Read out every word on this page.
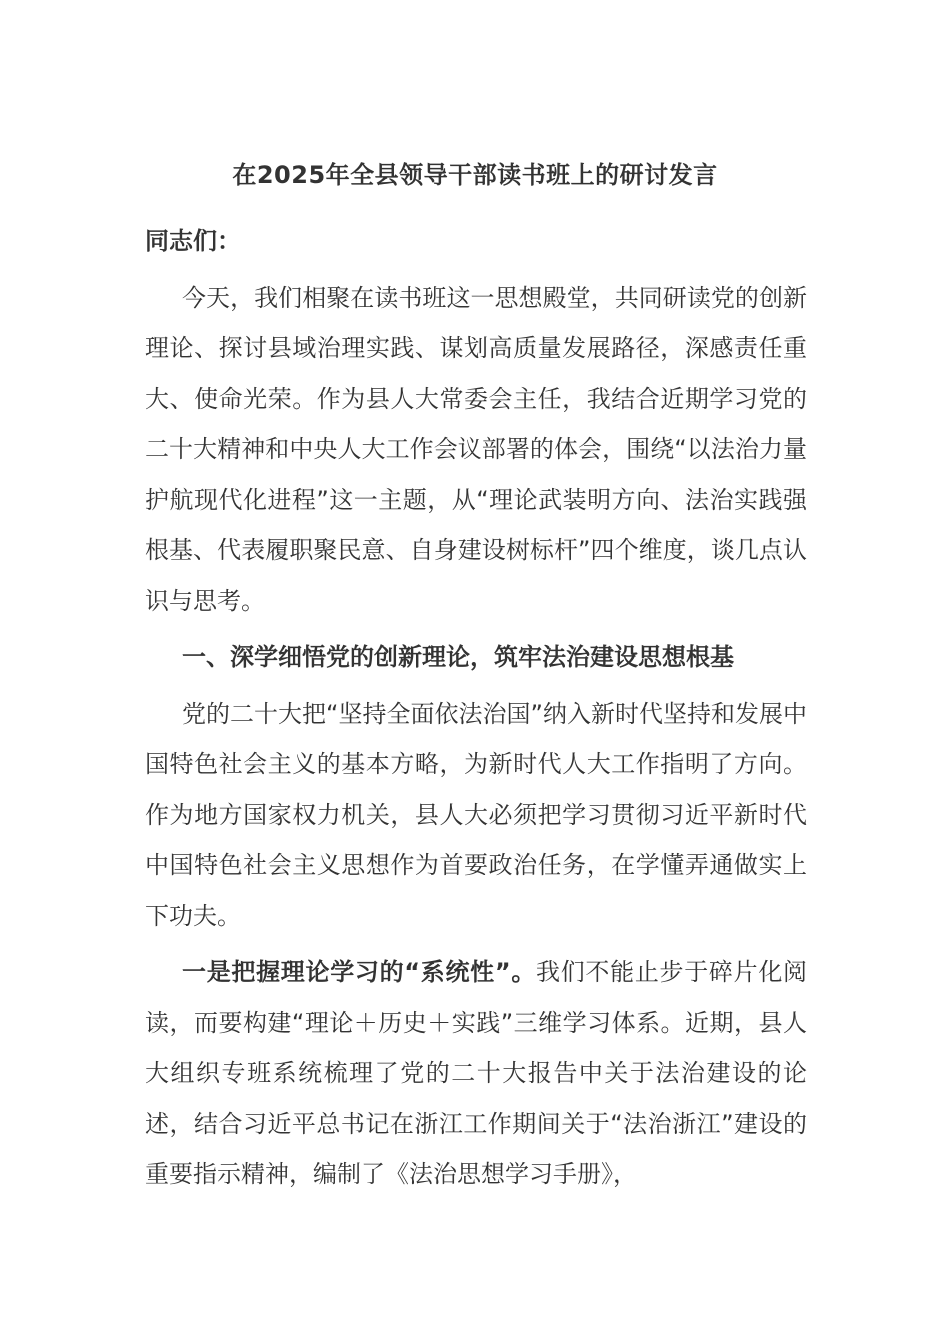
在2025年全县领导干部读书班上的研讨发言

同志们：

今天，我们相聚在读书班这一思想殿堂，共同研读党的创新理论、探讨县域治理实践、谋划高质量发展路径，深感责任重大、使命光荣。作为县人大常委会主任，我结合近期学习党的二十大精神和中央人大工作会议部署的体会，围绕“以法治力量护航现代化进程”这一主题，从“理论武装明方向、法治实践强根基、代表履职聚民意、自身建设树标杆”四个维度，谈几点认识与思考。

一、深学细悟党的创新理论，筑牢法治建设思想根基

党的二十大把“坚持全面依法治国”纳入新时代坚持和发展中国特色社会主义的基本方略，为新时代人大工作指明了方向。作为地方国家权力机关，县人大必须把学习贯彻习近平新时代中国特色社会主义思想作为首要政治任务，在学懂弄通做实上下功夫。

一是把握理论学习的“系统性”。我们不能止步于碎片化阅读，而要构建“理论＋历史＋实践”三维学习体系。近期，县人大组织专班系统梳理了党的二十大报告中关于法治建设的论述，结合习近平总书记在浙江工作期间关于“法治浙江”建设的重要指示精神，编制了《法治思想学习手册》，
